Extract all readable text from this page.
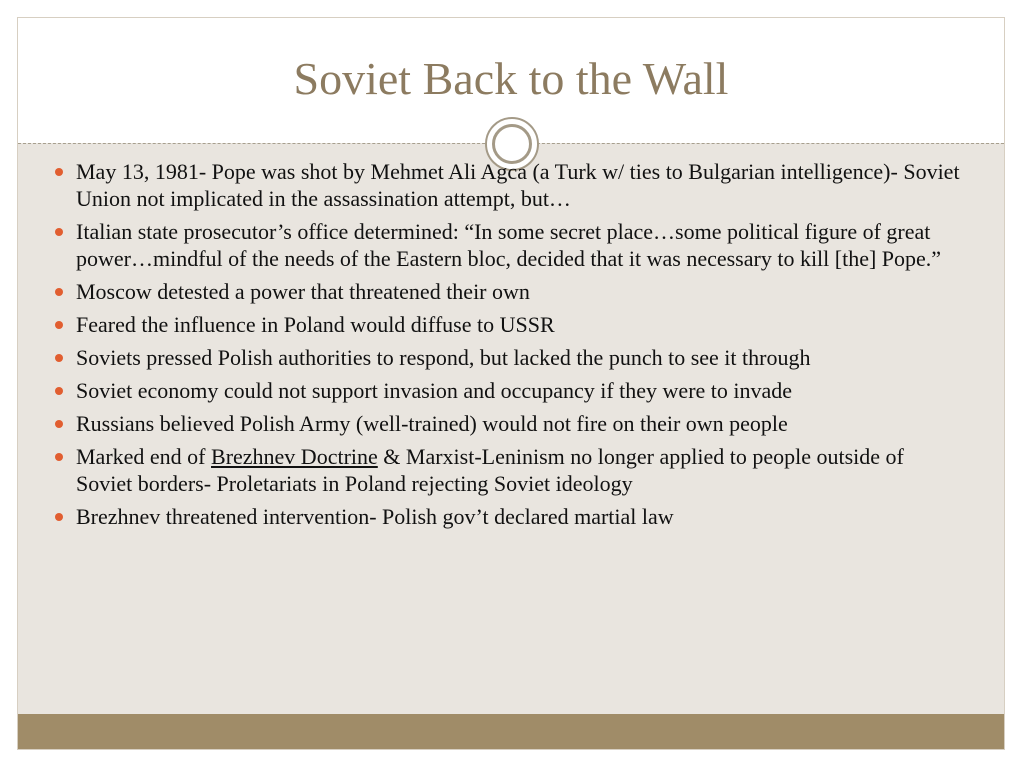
Soviet Back to the Wall
May 13, 1981- Pope was shot by Mehmet Ali Agca (a Turk w/ ties to Bulgarian intelligence)- Soviet Union not implicated in the assassination attempt, but…
Italian state prosecutor’s office determined: “In some secret place…some political figure of great power…mindful of the needs of the Eastern bloc, decided that it was necessary to kill [the] Pope.”
Moscow detested a power that threatened their own
Feared the influence in Poland would diffuse to USSR
Soviets pressed Polish authorities to respond, but lacked the punch to see it through
Soviet economy could not support invasion and occupancy if they were to invade
Russians believed Polish Army (well-trained) would not fire on their own people
Marked end of Brezhnev Doctrine & Marxist-Leninism no longer applied to people outside of Soviet borders- Proletariats in Poland rejecting Soviet ideology
Brezhnev threatened intervention- Polish gov’t declared martial law
